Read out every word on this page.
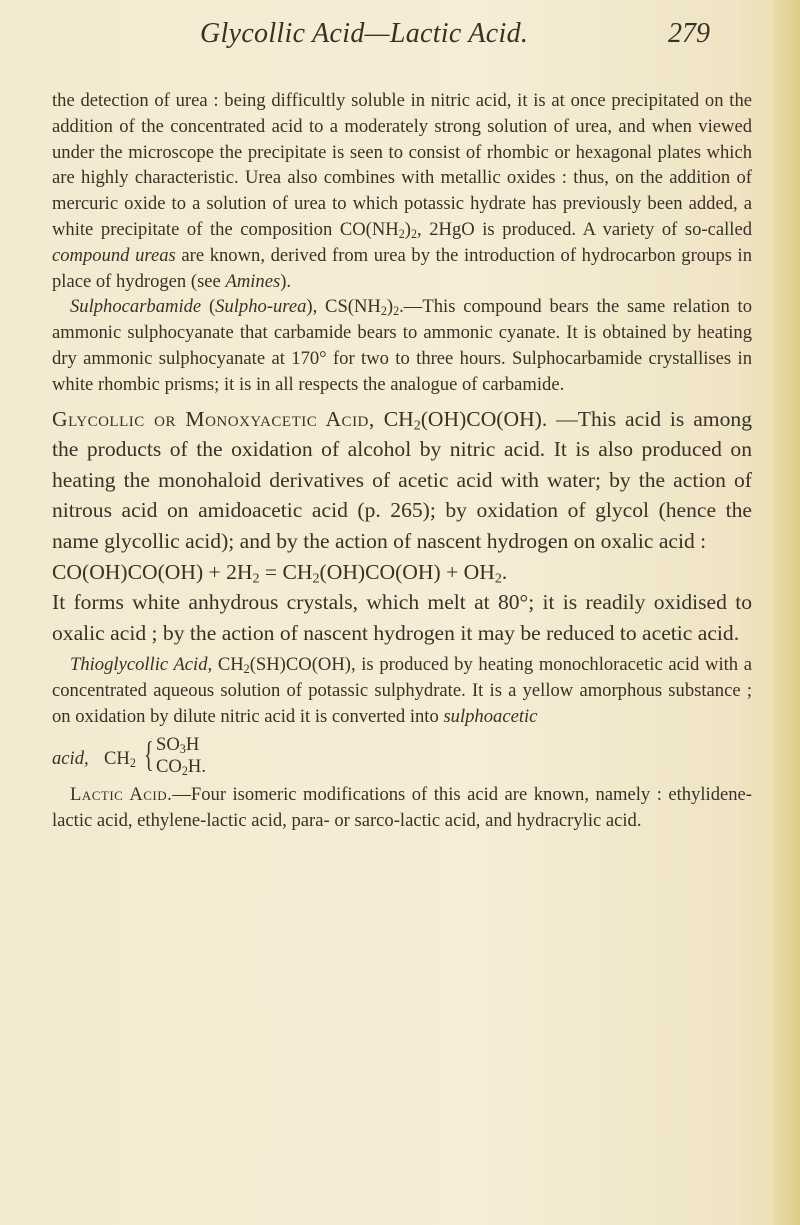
Glycollic Acid—Lactic Acid.	279

the detection of urea : being difficultly soluble in nitric acid, it is at once precipitated on the addition of the concentrated acid to a moderately strong solution of urea, and when viewed under the microscope the precipitate is seen to consist of rhombic or hexagonal plates which are highly characteristic. Urea also combines with metallic oxides : thus, on the addition of mercuric oxide to a solution of urea to which potassic hydrate has previously been added, a white precipitate of the composition $CO(NH_2)_2$, 2HgO is produced. A variety of so-called compound ureas are known, derived from urea by the introduction of hydrocarbon groups in place of hydrogen (see Amines).

Sulphocarbamide (Sulpho-urea), $CS(NH_2)_2.—This$ compound bears the same relation to ammonic sulphocyanate that carbamide bears to ammonic cyanate. It is obtained by heating dry ammonic sulphocyanate at 170° for two to three hours. Sulphocarbamide crystallises in white rhombic prisms; it is in all respects the analogue of carbamide.

Glycollic or Monoxyacetic Acid, $CH_2(OH)CO(OH)$. —This acid is among the products of the oxidation of alcohol by nitric acid. It is also produced on heating the monohaloid derivatives of acetic acid with water; by the action of nitrous acid on amidoacetic acid (p. 265); by oxidation of glycol (hence the name glycollic acid); and by the action of nascent hydrogen on oxalic acid :

$CO(OH)CO(OH) + 2H_2 = CH_2(OH)CO(OH) + OH_2$.

It forms white anhydrous crystals, which melt at 80°; it is readily oxidised to oxalic acid ; by the action of nascent hydrogen it may be reduced to acetic acid.

Thioglycollic Acid, $CH_2(SH)CO(OH)$, is produced by heating monochloracetic acid with a concentrated aqueous solution of potassic sulphydrate. It is a yellow amorphous substance ; on oxidation by dilute nitric acid it is converted into sulphoacetic

acid, $CH_2$ { $SO_3H$
$CO_2H$.

Lactic Acid.—Four isomeric modifications of this acid are known, namely : ethylidene-lactic acid, ethylene-lactic acid, para- or sarco-lactic acid, and hydracrylic acid.
